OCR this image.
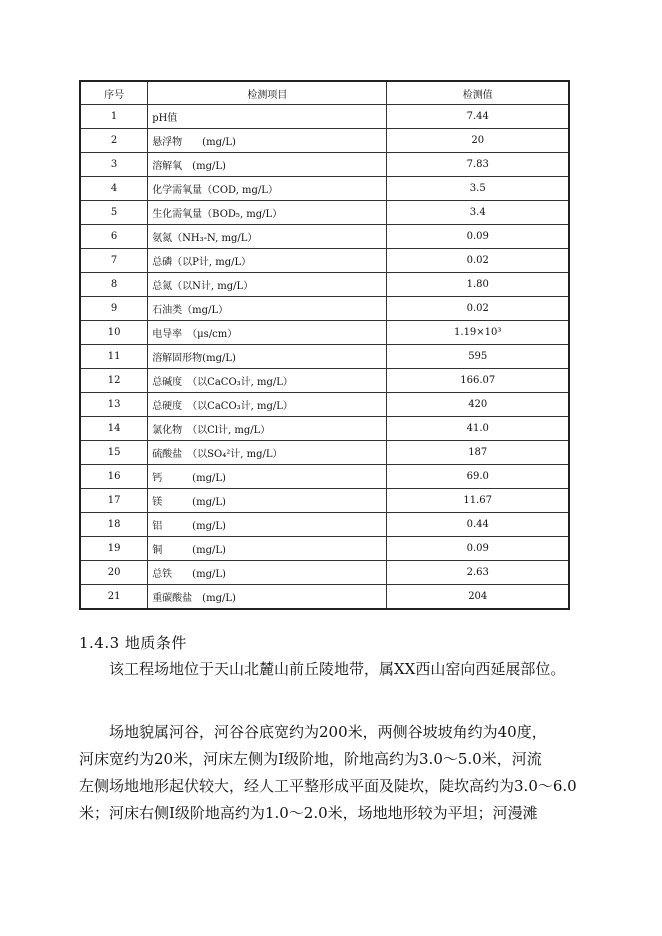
序号	检测项目	检测值
1	pH值	7.44
2	悬浮物　　(mg/L)	20
3	溶解氧　(mg/L)	7.83
4	化学需氧量（COD, mg/L）	3.5
5	生化需氧量（BOD₅, mg/L）	3.4
6	氨氮（NH₃-N, mg/L）	0.09
7	总磷（以P计, mg/L）	0.02
8	总氮（以N计, mg/L）	1.80
9	石油类（mg/L）	0.02
10	电导率　（μs/cm）	1.19×10³
11	溶解固形物(mg/L)	595
12	总碱度　（以CaCO₃计, mg/L）	166.07
13	总硬度　（以CaCO₃计, mg/L）	420
14	氯化物　（以Cl计, mg/L）	41.0
15	硫酸盐　（以SO₄²计, mg/L）	187
16	钙　　　(mg/L)	69.0
17	镁　　　(mg/L)	11.67
18	铝　　　(mg/L)	0.44
19	铜　　　(mg/L)	0.09
20	总铁　　(mg/L)	2.63
21	重碳酸盐　(mg/L)	204
1.4.3 地质条件

该工程场地位于天山北麓山前丘陵地带，属XX西山窑向西延展部位。

场地貌属河谷，河谷谷底宽约为200米，两侧谷坡坡角约为40度，
河床宽约为20米，河床左侧为Ⅰ级阶地，阶地高约为3.0～5.0米，河流
左侧场地地形起伏较大，经人工平整形成平面及陡坎，陡坎高约为3.0～6.0
米；河床右侧Ⅰ级阶地高约为1.0～2.0米，场地地形较为平坦；河漫滩
